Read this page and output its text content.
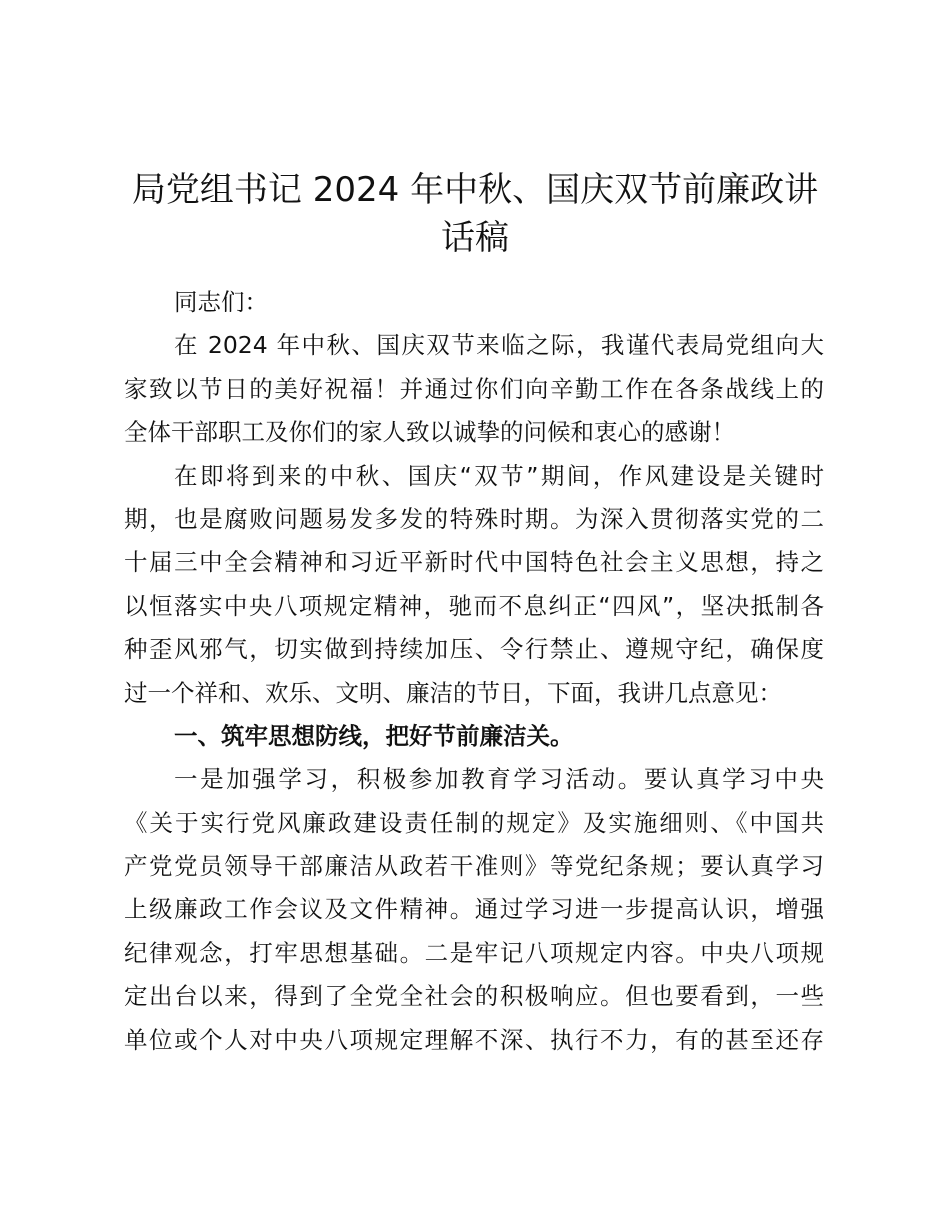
局党组书记 2024 年中秋、国庆双节前廉政讲
话稿
同志们：
在 2024 年中秋、国庆双节来临之际，我谨代表局党组向大
家致以节日的美好祝福！并通过你们向辛勤工作在各条战线上的
全体干部职工及你们的家人致以诚挚的问候和衷心的感谢！
在即将到来的中秋、国庆“双节”期间，作风建设是关键时
期，也是腐败问题易发多发的特殊时期。为深入贯彻落实党的二
十届三中全会精神和习近平新时代中国特色社会主义思想，持之
以恒落实中央八项规定精神，驰而不息纠正“四风”，坚决抵制各
种歪风邪气，切实做到持续加压、令行禁止、遵规守纪，确保度
过一个祥和、欢乐、文明、廉洁的节日，下面，我讲几点意见：
一、筑牢思想防线，把好节前廉洁关。
一是加强学习，积极参加教育学习活动。要认真学习中央
《关于实行党风廉政建设责任制的规定》及实施细则、《中国共
产党党员领导干部廉洁从政若干准则》等党纪条规；要认真学习
上级廉政工作会议及文件精神。通过学习进一步提高认识，增强
纪律观念，打牢思想基础。二是牢记八项规定内容。中央八项规
定出台以来，得到了全党全社会的积极响应。但也要看到，一些
单位或个人对中央八项规定理解不深、执行不力，有的甚至还存
